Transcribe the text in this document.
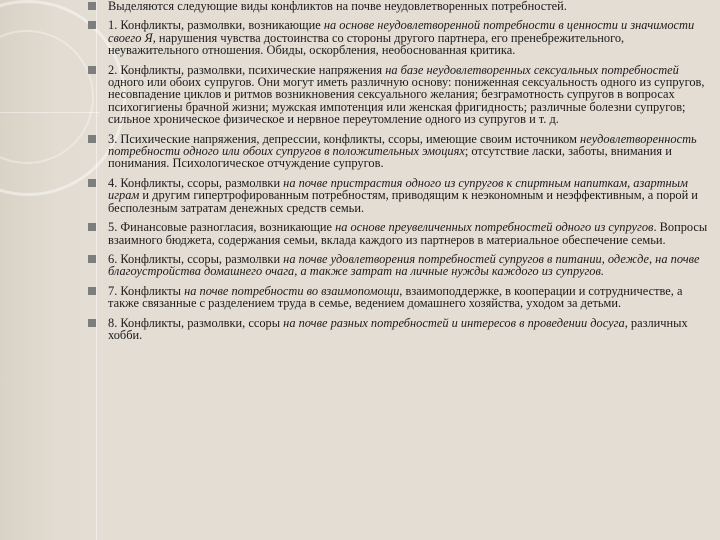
Выделяются следующие виды конфликтов на почве неудовлетворенных потребностей.
1. Конфликты, размолвки, возникающие на основе неудовлетворенной потребности в ценности и значимости своего Я, нарушения чувства достоинства со стороны другого партнера, его пренебрежительного, неуважительного отношения. Обиды, оскорбления, необоснованная критика.
2. Конфликты, размолвки, психические напряжения на базе неудовлетворенных сексуальных потребностей одного или обоих супругов. Они могут иметь различную основу: пониженная сексуальность одного из супругов, несовпадение циклов и ритмов возникновения сексуального желания; безграмотность супругов в вопросах психогигиены брачной жизни; мужская импотенция или женская фригидность; различные болезни супругов; сильное хроническое физическое и нервное переутомление одного из супругов и т. д.
3. Психические напряжения, депрессии, конфликты, ссоры, имеющие своим источником неудовлетворенность потребности одного или обоих супругов в положительных эмоциях; отсутствие ласки, заботы, внимания и понимания. Психологическое отчуждение супругов.
4. Конфликты, ссоры, размолвки на почве пристрастия одного из супругов к спиртным напиткам, азартным играм и другим гипертрофированным потребностям, приводящим к неэкономным и неэффективным, а порой и бесполезным затратам денежных средств семьи.
5. Финансовые разногласия, возникающие на основе преувеличенных потребностей одного из супругов. Вопросы взаимного бюджета, содержания семьи, вклада каждого из партнеров в материальное обеспечение семьи.
6. Конфликты, ссоры, размолвки на почве удовлетворения потребностей супругов в питании, одежде, на почве благоустройства домашнего очага, а также затрат на личные нужды каждого из супругов.
7. Конфликты на почве потребности во взаимопомощи, взаимоподдержке, в кооперации и сотрудничестве, а также связанные с разделением труда в семье, ведением домашнего хозяйства, уходом за детьми.
8. Конфликты, размолвки, ссоры на почве разных потребностей и интересов в проведении досуга, различных хобби.
